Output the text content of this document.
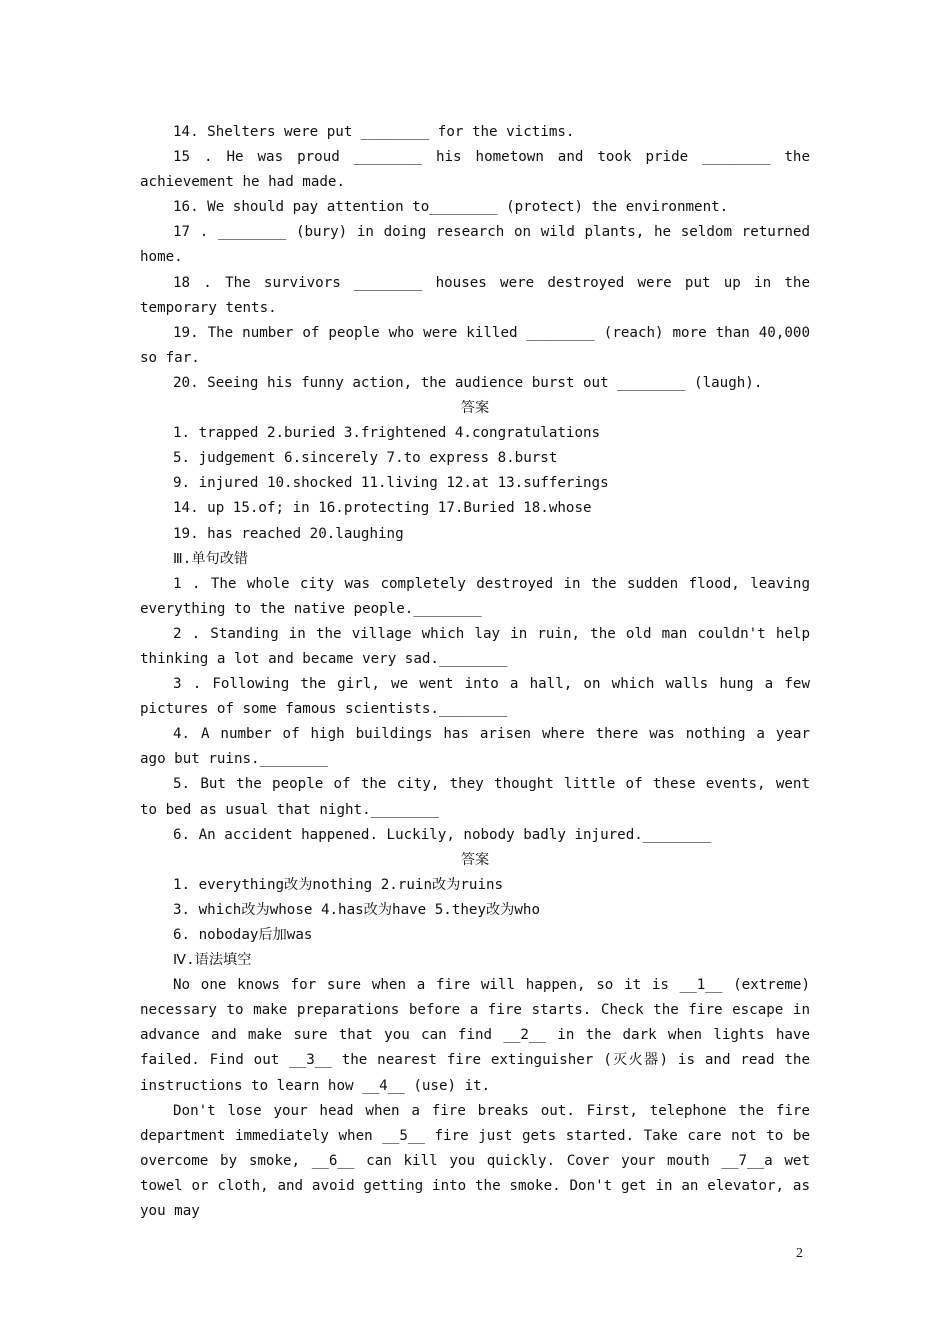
14. Shelters were put ________ for the victims.

15 . He was proud ________ his hometown and took pride ________ the achievement he had made.

16. We should pay attention to________ (protect) the environment.

17 . ________ (bury) in doing research on wild plants, he seldom returned home.

18 . The survivors ________ houses were destroyed were put up in the temporary tents.

19. The number of people who were killed ________ (reach) more than 40,000 so far.

20. Seeing his funny action, the audience burst out ________ (laugh).

答案

1. trapped 2.buried 3.frightened 4.congratulations

5. judgement 6.sincerely 7.to express 8.burst

9. injured 10.shocked 11.living 12.at 13.sufferings

14. up 15.of; in 16.protecting 17.Buried 18.whose

19. has reached 20.laughing

Ⅲ.单句改错

1 . The whole city was completely destroyed in the sudden flood, leaving everything to the native people.________

2 . Standing in the village which lay in ruin, the old man couldn't help thinking a lot and became very sad.________

3 . Following the girl, we went into a hall, on which walls hung a few pictures of some famous scientists.________

4. A number of high buildings has arisen where there was nothing a year ago but ruins.________

5. But the people of the city, they thought little of these events, went to bed as usual that night.________

6. An accident happened. Luckily, nobody badly injured.________

答案

1. everything改为nothing 2.ruin改为ruins

3. which改为whose 4.has改为have 5.they改为who

6. noboday后加was

Ⅳ.语法填空

No one knows for sure when a fire will happen, so it is __1__ (extreme) necessary to make preparations before a fire starts. Check the fire escape in advance and make sure that you can find __2__ in the dark when lights have failed. Find out __3__ the nearest fire extinguisher (灭火器) is and read the instructions to learn how __4__ (use) it.

Don't lose your head when a fire breaks out. First, telephone the fire department immediately when __5__ fire just gets started. Take care not to be overcome by smoke, __6__ can kill you quickly. Cover your mouth __7__a wet towel or cloth, and avoid getting into the smoke. Don't get in an elevator, as you may

2
